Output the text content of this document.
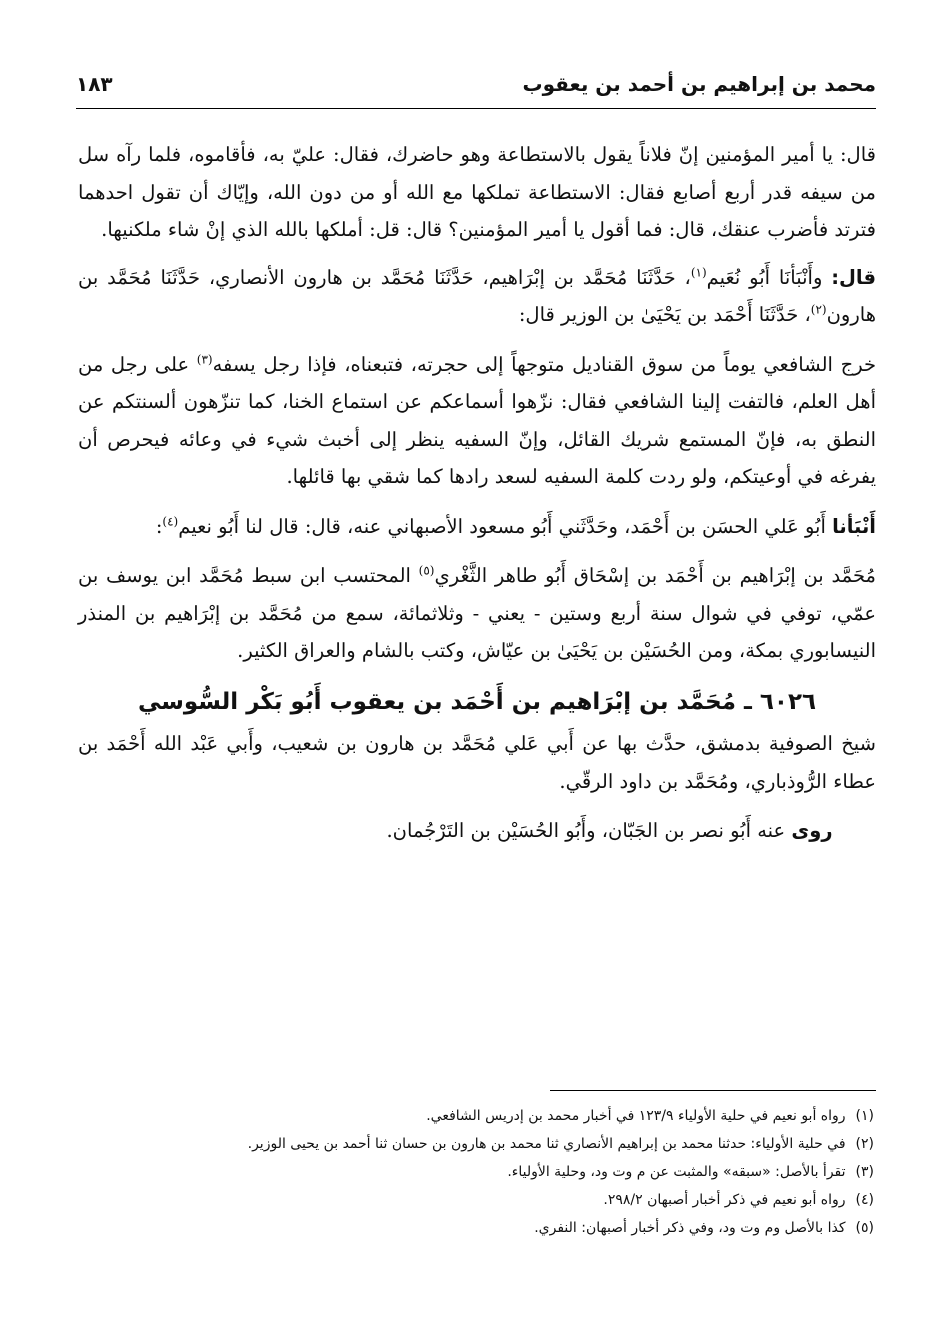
محمد بن إبراهيم بن أحمد بن يعقوب
١٨٣

قال: يا أمير المؤمنين إنّ فلاناً يقول بالاستطاعة وهو حاضرك، فقال: عليّ به، فأقاموه، فلما رآه سل من سيفه قدر أربع أصابع فقال: الاستطاعة تملكها مع الله أو من دون الله، وإيّاك أن تقول احدهما فترتد فأضرب عنقك، قال: فما أقول يا أمير المؤمنين؟ قال: قل: أملكها بالله الذي إنْ شاء ملكنيها.

قال: وأَنْبَأنَا أَبُو نُعَيم$^{(١)}$، حَدَّثَنَا مُحَمَّد بن إبْرَاهيم، حَدَّثَنَا مُحَمَّد بن هارون الأنصاري، حَدَّثَنَا مُحَمَّد بن هارون$^{(٢)}$، حَدَّثَنَا أَحْمَد بن يَحْيَىٰ بن الوزير قال:

خرج الشافعي يوماً من سوق القناديل متوجهاً إلى حجرته، فتبعناه، فإذا رجل يسفه$^{(٣)}$ على رجل من أهل العلم، فالتفت إلينا الشافعي فقال: نزّهوا أسماعكم عن استماع الخنا، كما تنزّهون ألسنتكم عن النطق به، فإنّ المستمع شريك القائل، وإنّ السفيه ينظر إلى أخبث شيء في وعائه فيحرص أن يفرغه في أوعيتكم، ولو ردت كلمة السفيه لسعد رادها كما شقي بها قائلها.

أَنْبَأنا أَبُو عَلي الحسَن بن أَحْمَد، وحَدَّثَني أَبُو مسعود الأصبهاني عنه، قال: قال لنا أَبُو نعيم$^{(٤)}$:

مُحَمَّد بن إبْرَاهيم بن أَحْمَد بن إسْحَاق أَبُو طاهر الثَّغْري$^{(٥)}$ المحتسب ابن سبط مُحَمَّد ابن يوسف بن عمّي، توفي في شوال سنة أربع وستين - يعني - وثلاثمائة، سمع من مُحَمَّد بن إبْرَاهيم بن المنذر النيسابوري بمكة، ومن الحُسَيْن بن يَحْيَىٰ بن عيّاش، وكتب بالشام والعراق الكثير.

٦٠٢٦ ـ مُحَمَّد بن إبْرَاهيم بن أَحْمَد بن يعقوب أَبُو بَكْر السُّوسي

شيخ الصوفية بدمشق، حدَّث بها عن أَبي عَلي مُحَمَّد بن هارون بن شعيب، وأَبي عَبْد الله أَحْمَد بن عطاء الرُّوذباري، ومُحَمَّد بن داود الرقّي.

روى عنه أَبُو نصر بن الجَبّان، وأَبُو الحُسَيْن بن التَرْجُمان.

(١)
رواه أبو نعيم في حلية الأولياء ١٢٣/٩ في أخبار محمد بن إدريس الشافعي.
(٢)
في حلية الأولياء: حدثنا محمد بن إبراهيم الأنصاري ثنا محمد بن هارون بن حسان ثنا أحمد بن يحيى الوزير.
(٣)
تقرأ بالأصل: «سبقه» والمثبت عن م وت ود، وحلية الأولياء.
(٤)
رواه أبو نعيم في ذكر أخبار أصبهان ٢٩٨/٢.
(٥)
كذا بالأصل وم وت ود، وفي ذكر أخبار أصبهان: النفري.
